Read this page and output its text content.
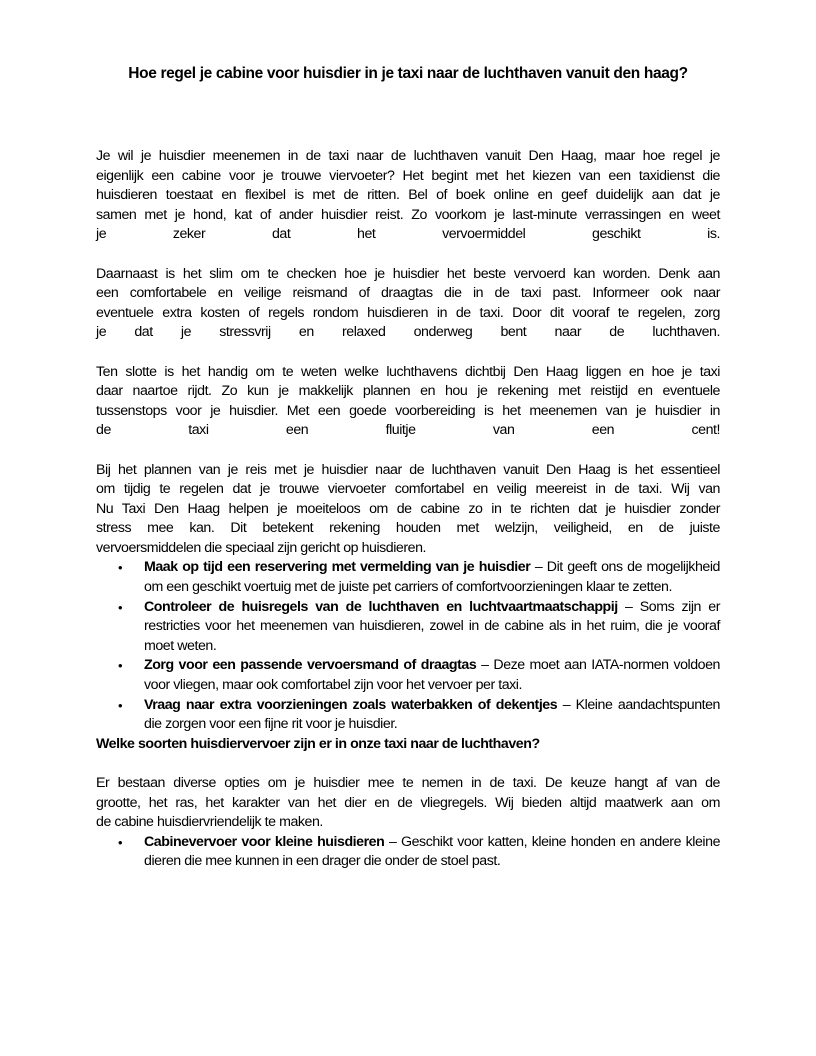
Hoe regel je cabine voor huisdier in je taxi naar de luchthaven vanuit den haag?

Je wil je huisdier meenemen in de taxi naar de luchthaven vanuit Den Haag, maar hoe regel je

eigenlijk een cabine voor je trouwe viervoeter? Het begint met het kiezen van een taxidienst die

huisdieren toestaat en flexibel is met de ritten. Bel of boek online en geef duidelijk aan dat je

samen met je hond, kat of ander huisdier reist. Zo voorkom je last-minute verrassingen en weet

je zeker dat het vervoermiddel geschikt is.

Daarnaast is het slim om te checken hoe je huisdier het beste vervoerd kan worden. Denk aan

een comfortabele en veilige reismand of draagtas die in de taxi past. Informeer ook naar

eventuele extra kosten of regels rondom huisdieren in de taxi. Door dit vooraf te regelen, zorg

je dat je stressvrij en relaxed onderweg bent naar de luchthaven.

Ten slotte is het handig om te weten welke luchthavens dichtbij Den Haag liggen en hoe je taxi

daar naartoe rijdt. Zo kun je makkelijk plannen en hou je rekening met reistijd en eventuele

tussenstops voor je huisdier. Met een goede voorbereiding is het meenemen van je huisdier in

de taxi een fluitje van een cent!

Bij het plannen van je reis met je huisdier naar de luchthaven vanuit Den Haag is het essentieel

om tijdig te regelen dat je trouwe viervoeter comfortabel en veilig meereist in de taxi. Wij van

Nu Taxi Den Haag helpen je moeiteloos om de cabine zo in te richten dat je huisdier zonder

stress mee kan. Dit betekent rekening houden met welzijn, veiligheid, en de juiste

vervoersmiddelen die speciaal zijn gericht op huisdieren.

• Maak op tijd een reservering met vermelding van je huisdier – Dit geeft ons de mogelijkheid om een geschikt voertuig met de juiste pet carriers of comfortvoorzieningen klaar te zetten.
• Controleer de huisregels van de luchthaven en luchtvaartmaatschappij – Soms zijn er restricties voor het meenemen van huisdieren, zowel in de cabine als in het ruim, die je vooraf moet weten.
• Zorg voor een passende vervoersmand of draagtas – Deze moet aan IATA-normen voldoen voor vliegen, maar ook comfortabel zijn voor het vervoer per taxi.
• Vraag naar extra voorzieningen zoals waterbakken of dekentjes – Kleine aandachtspunten die zorgen voor een fijne rit voor je huisdier.
Welke soorten huisdiervervoer zijn er in onze taxi naar de luchthaven?

Er bestaan diverse opties om je huisdier mee te nemen in de taxi. De keuze hangt af van de

grootte, het ras, het karakter van het dier en de vliegregels. Wij bieden altijd maatwerk aan om

de cabine huisdiervriendelijk te maken.

• Cabinevervoer voor kleine huisdieren – Geschikt voor katten, kleine honden en andere kleine dieren die mee kunnen in een drager die onder de stoel past.
